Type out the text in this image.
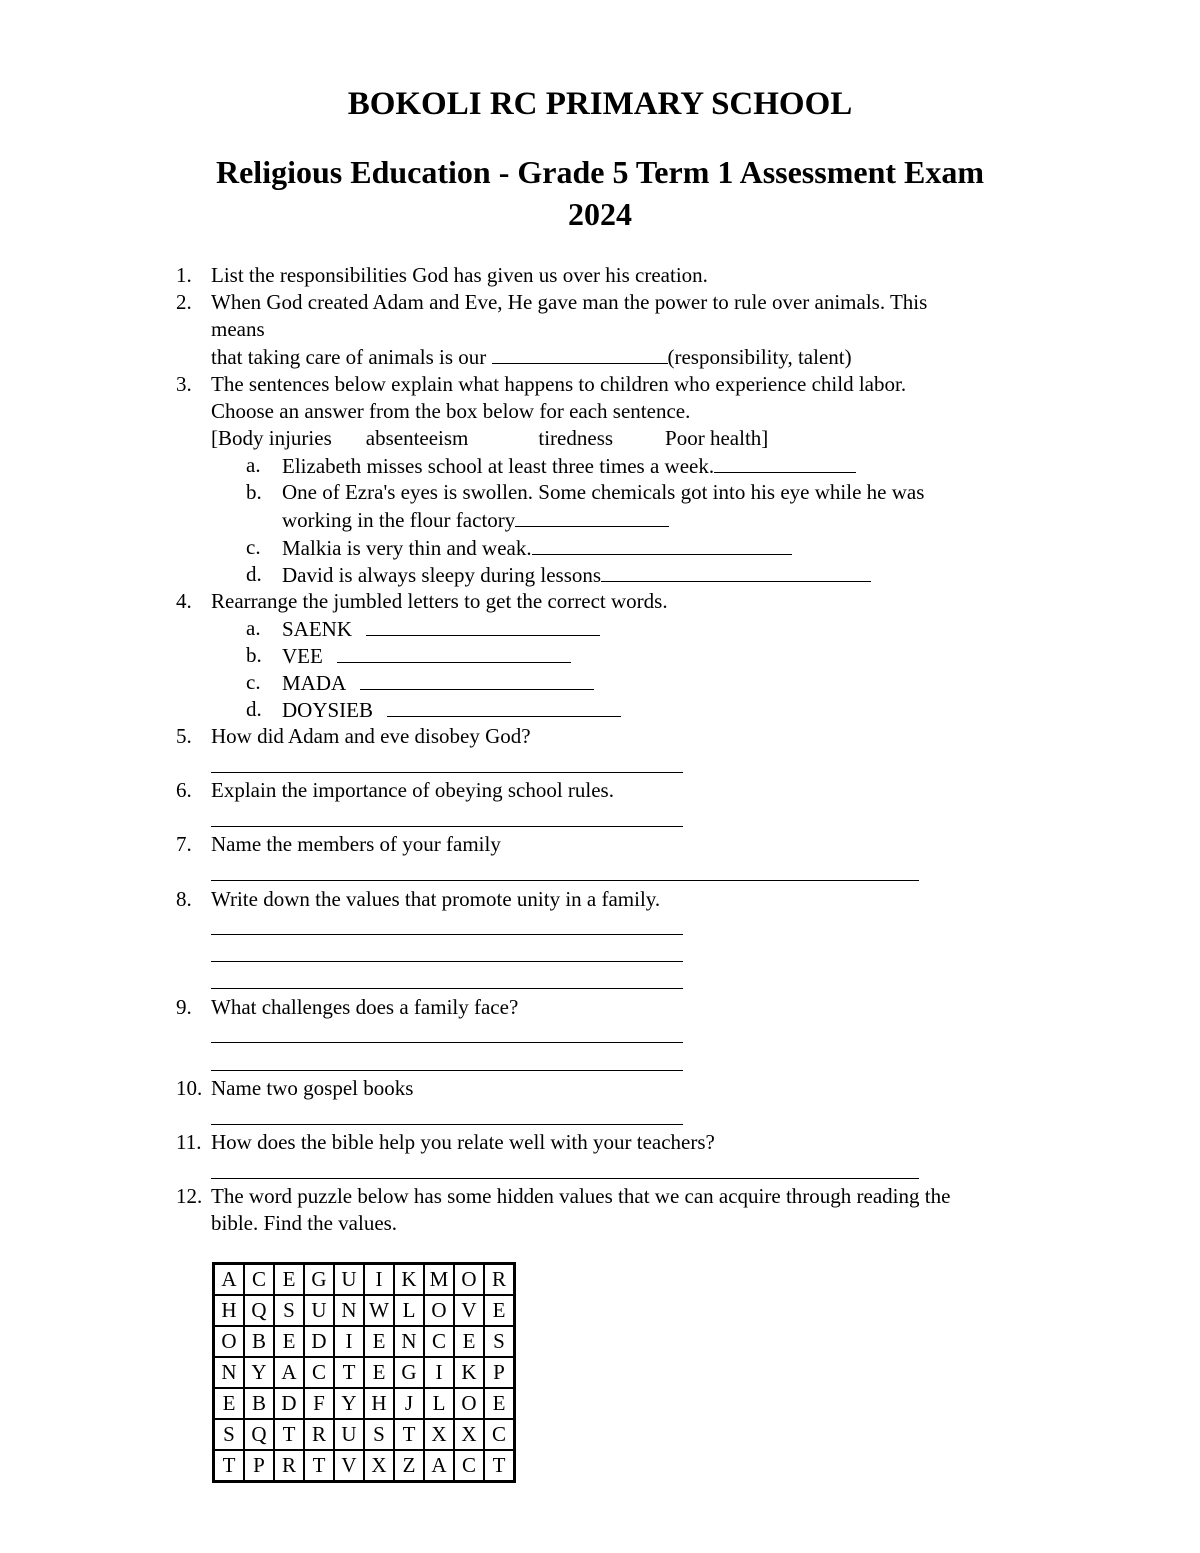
BOKOLI RC PRIMARY SCHOOL
Religious Education - Grade 5 Term 1 Assessment Exam
2024
1. List the responsibilities God has given us over his creation.
2. When God created Adam and Eve, He gave man the power to rule over animals. This
means
that taking care of animals is our	(responsibility, talent)
3. The sentences below explain what happens to children who experience child labor.
Choose an answer from the box below for each sentence.
[Body injuries absenteeism	tiredness Poor health]
a. Elizabeth misses school at least three times a week.
b. One of Ezra's eyes is swollen. Some chemicals got into his eye while he was
working in the flour factory
c. Malkia is very thin and weak.
d. David is always sleepy during lessons
4. Rearrange the jumbled letters to get the correct words.
a. SAENK
b. VEE
c. MADA
d. DOYSIEB
5. How did Adam and eve disobey God?
6. Explain the importance of obeying school rules.
7. Name the members of your family
8. Write down the values that promote unity in a family.
9. What challenges does a family face?
10. Name two gospel books
11. How does the bible help you relate well with your teachers?
12. The word puzzle below has some hidden values that we can acquire through reading the
bible. Find the values.
A	C	E	G	U	I	K	M	O	R
H	Q	S	U	N	W	L	O	V	E
O	B	E	D	I	E	N	C	E	S
N	Y	A	C	T	E	G	I	K	P
E	B	D	F	Y	H	J	L	O	E
S	Q	T	R	U	S	T	X	X	C
T	P	R	T	V	X	Z	A	C	T
